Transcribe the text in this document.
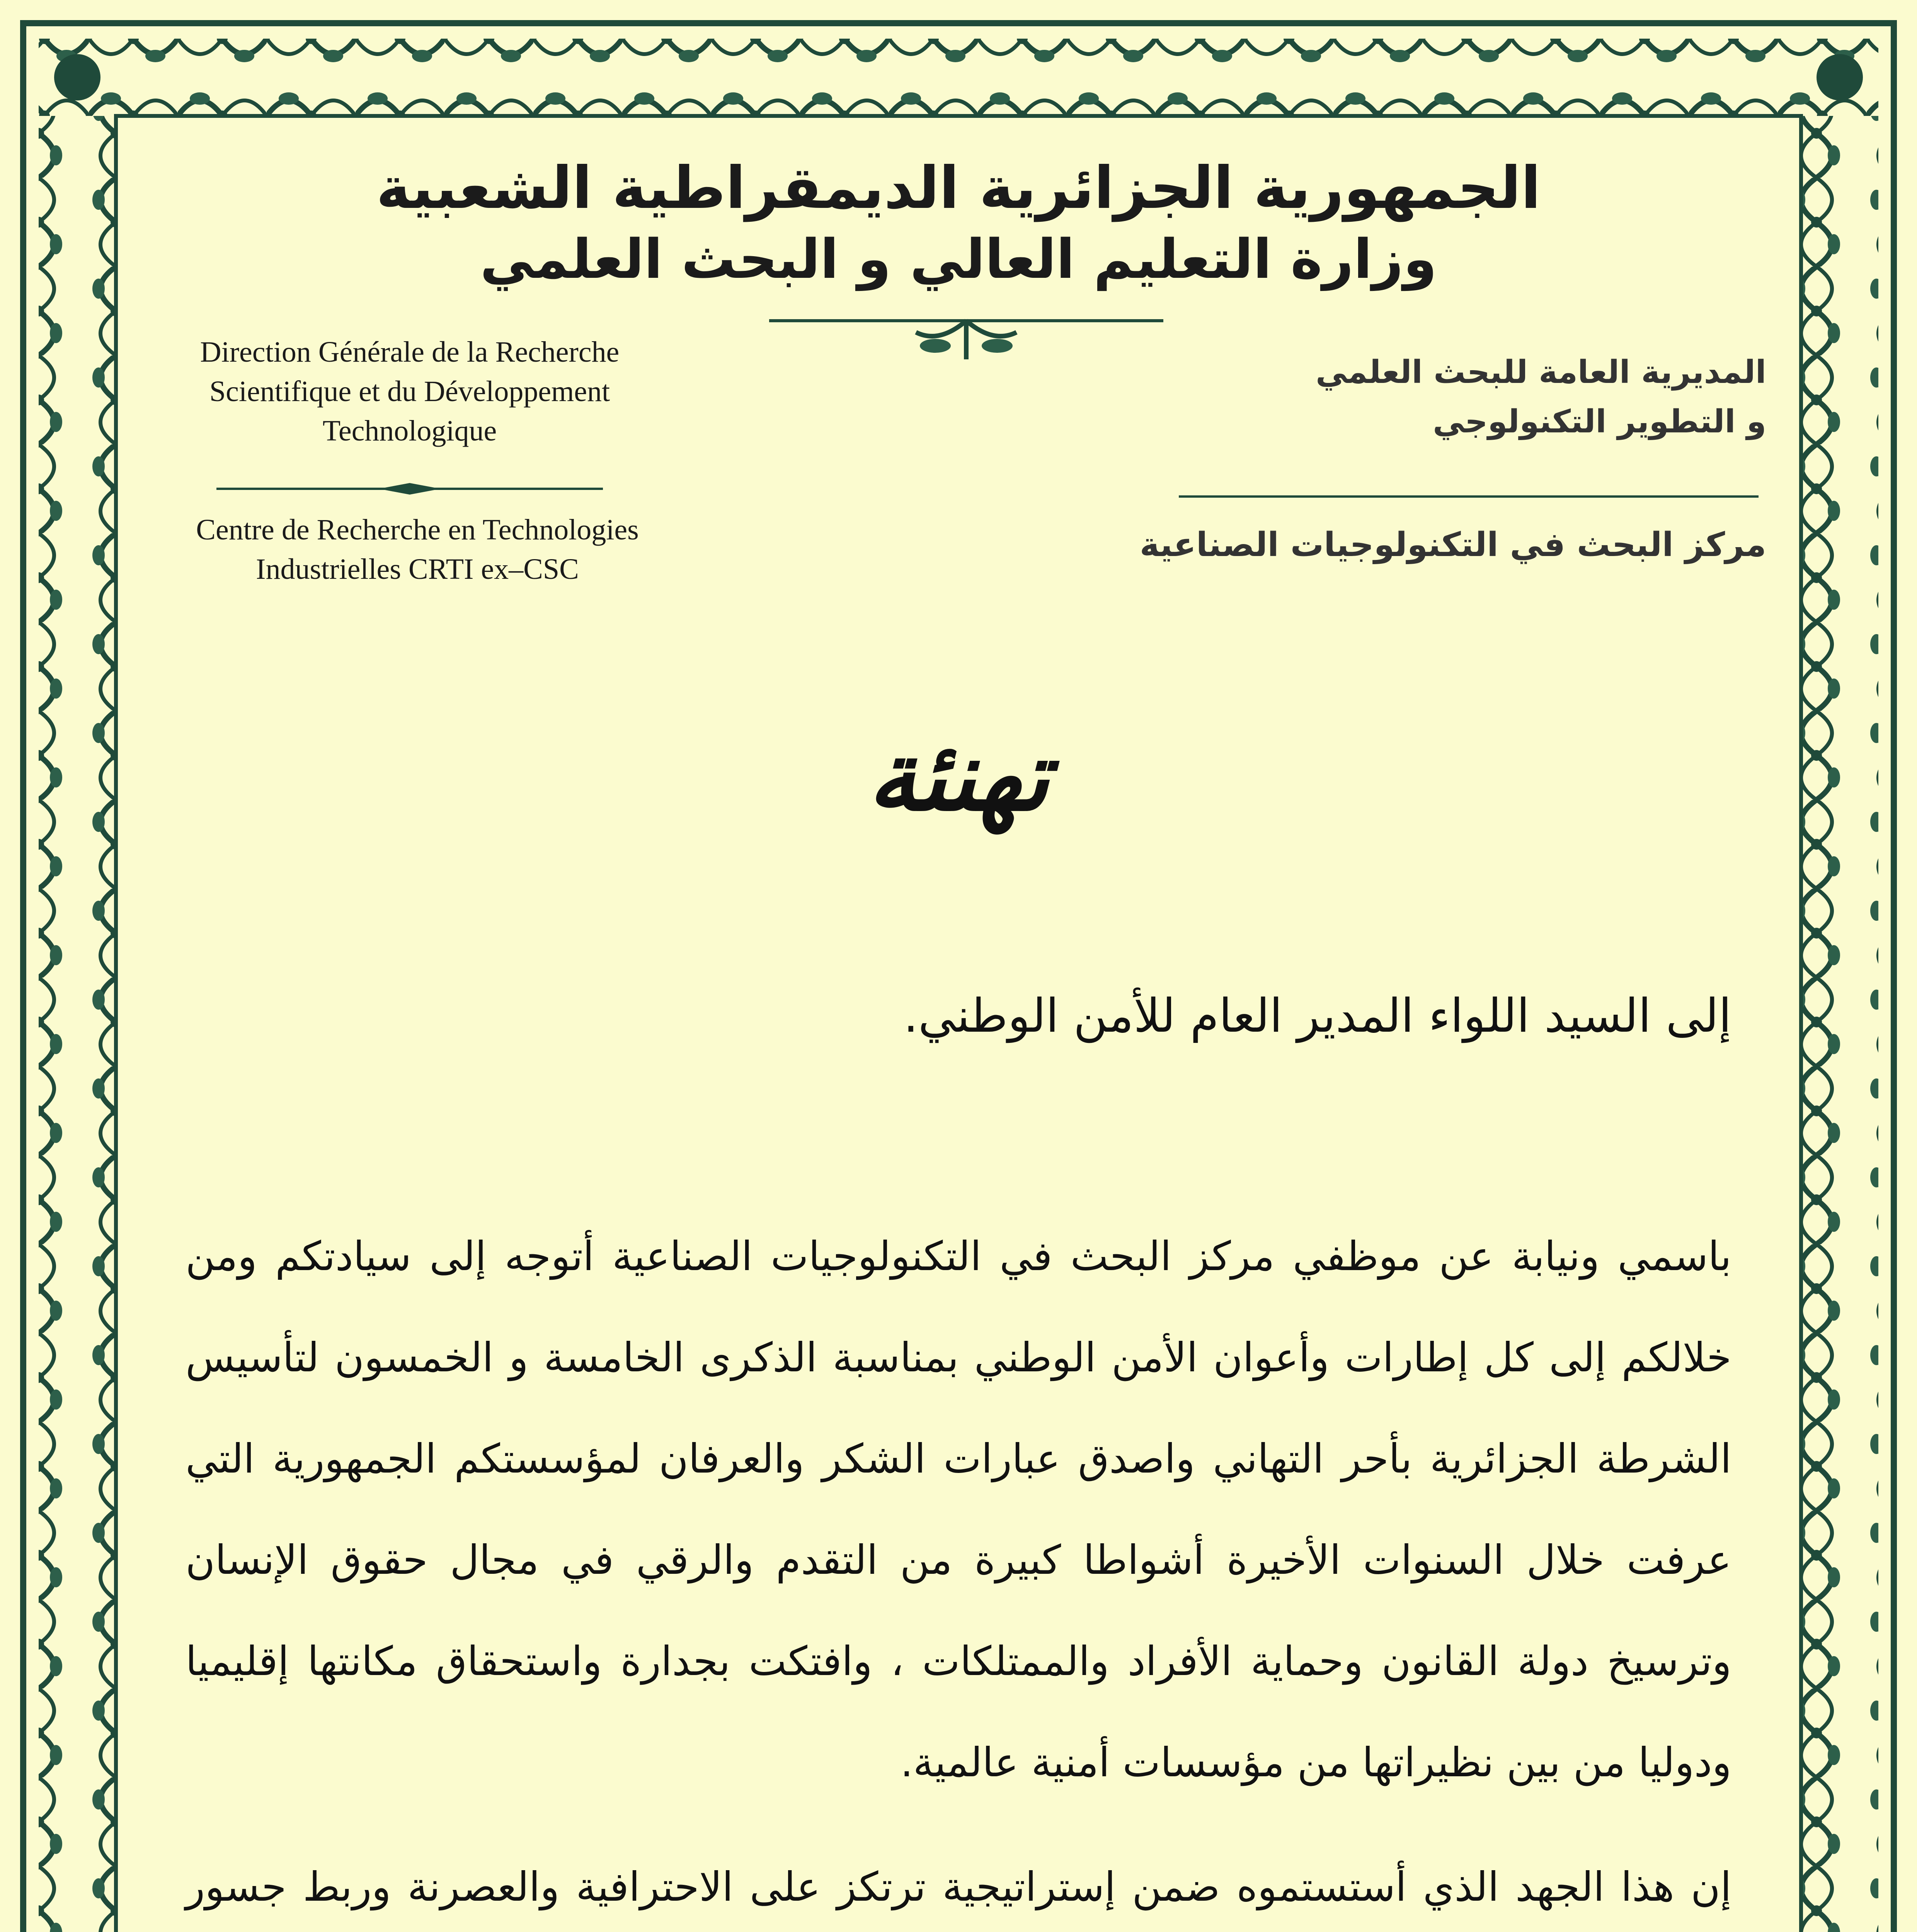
الجمهورية الجزائرية الديمقراطية الشعبية
وزارة التعليم العالي و البحث العلمي
Direction Générale de la Recherche
Scientifique et du Développement
Technologique
Centre de Recherche en Technologies
Industrielles CRTI ex–CSC
المديرية العامة للبحث العلمي
و التطوير التكنولوجي
مركز البحث في التكنولوجيات الصناعية
تهنئة
إلى السيد اللواء المدير العام للأمن الوطني.

باسمي ونيابة عن موظفي مركز البحث في التكنولوجيات الصناعية أتوجه إلى سيادتكم ومن خلالكم إلى كل إطارات وأعوان الأمن الوطني بمناسبة الذكرى الخامسة و الخمسون لتأسيس الشرطة الجزائرية بأحر التهاني واصدق عبارات الشكر والعرفان لمؤسستكم الجمهورية التي عرفت خلال السنوات الأخيرة أشواطا كبيرة من التقدم والرقي في مجال حقوق الإنسان وترسيخ دولة القانون وحماية الأفراد والممتلكات ، وافتكت بجدارة واستحقاق مكانتها إقليميا ودوليا من بين نظيراتها من مؤسسات أمنية عالمية.

إن هذا الجهد الذي أستستموه ضمن إستراتيجية ترتكز على الاحترافية والعصرنة وربط جسور
